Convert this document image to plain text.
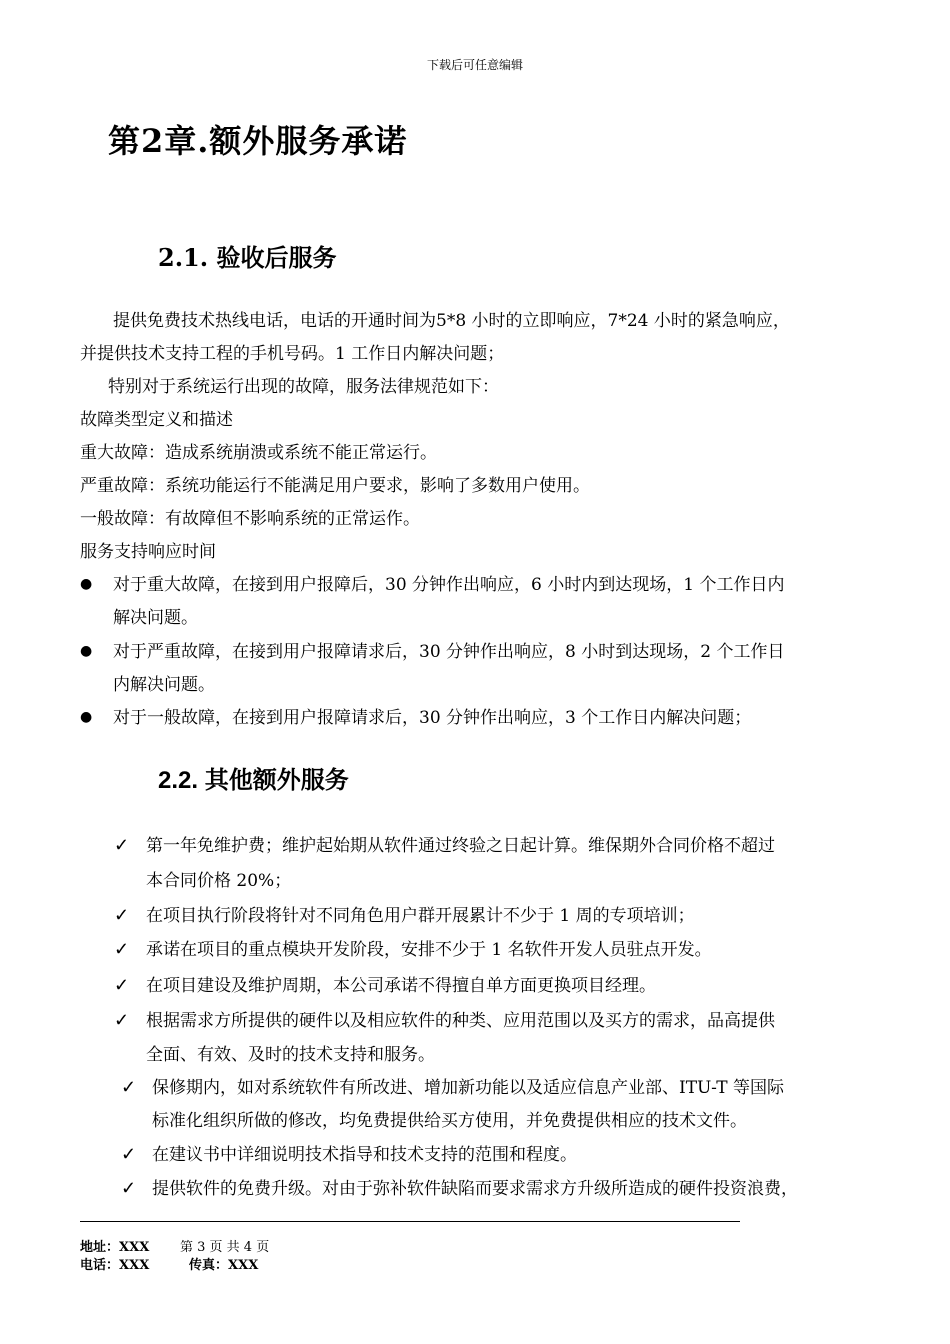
下载后可任意编辑
第2章.额外服务承诺
2.1. 验收后服务
提供免费技术热线电话，电话的开通时间为5*8 小时的立即响应，7*24 小时的紧急响应，
并提供技术支持工程的手机号码。1 工作日内解决问题；
特别对于系统运行出现的故障，服务法律规范如下：
故障类型定义和描述
重大故障：造成系统崩溃或系统不能正常运行。
严重故障：系统功能运行不能满足用户要求，影响了多数用户使用。
一般故障：有故障但不影响系统的正常运作。
服务支持响应时间
● 对于重大故障，在接到用户报障后，30 分钟作出响应，6 小时内到达现场，1 个工作日内
解决问题。
● 对于严重故障，在接到用户报障请求后，30 分钟作出响应，8 小时到达现场，2 个工作日
内解决问题。
● 对于一般故障，在接到用户报障请求后，30 分钟作出响应，3 个工作日内解决问题；
2.2. 其他额外服务
✓ 第一年免维护费；维护起始期从软件通过终验之日起计算。维保期外合同价格不超过
本合同价格 20%；
✓ 在项目执行阶段将针对不同角色用户群开展累计不少于 1 周的专项培训；
✓ 承诺在项目的重点模块开发阶段，安排不少于 1 名软件开发人员驻点开发。
✓ 在项目建设及维护周期，本公司承诺不得擅自单方面更换项目经理。
✓ 根据需求方所提供的硬件以及相应软件的种类、应用范围以及买方的需求，品高提供
全面、有效、及时的技术支持和服务。
✓ 保修期内，如对系统软件有所改进、增加新功能以及适应信息产业部、ITU-T 等国际
标准化组织所做的修改，均免费提供给买方使用，并免费提供相应的技术文件。
✓ 在建议书中详细说明技术指导和技术支持的范围和程度。
✓ 提供软件的免费升级。对由于弥补软件缺陷而要求需求方升级所造成的硬件投资浪费，
地址：XXX 第 3 页 共 4 页
电话：XXX	传真：XXX
